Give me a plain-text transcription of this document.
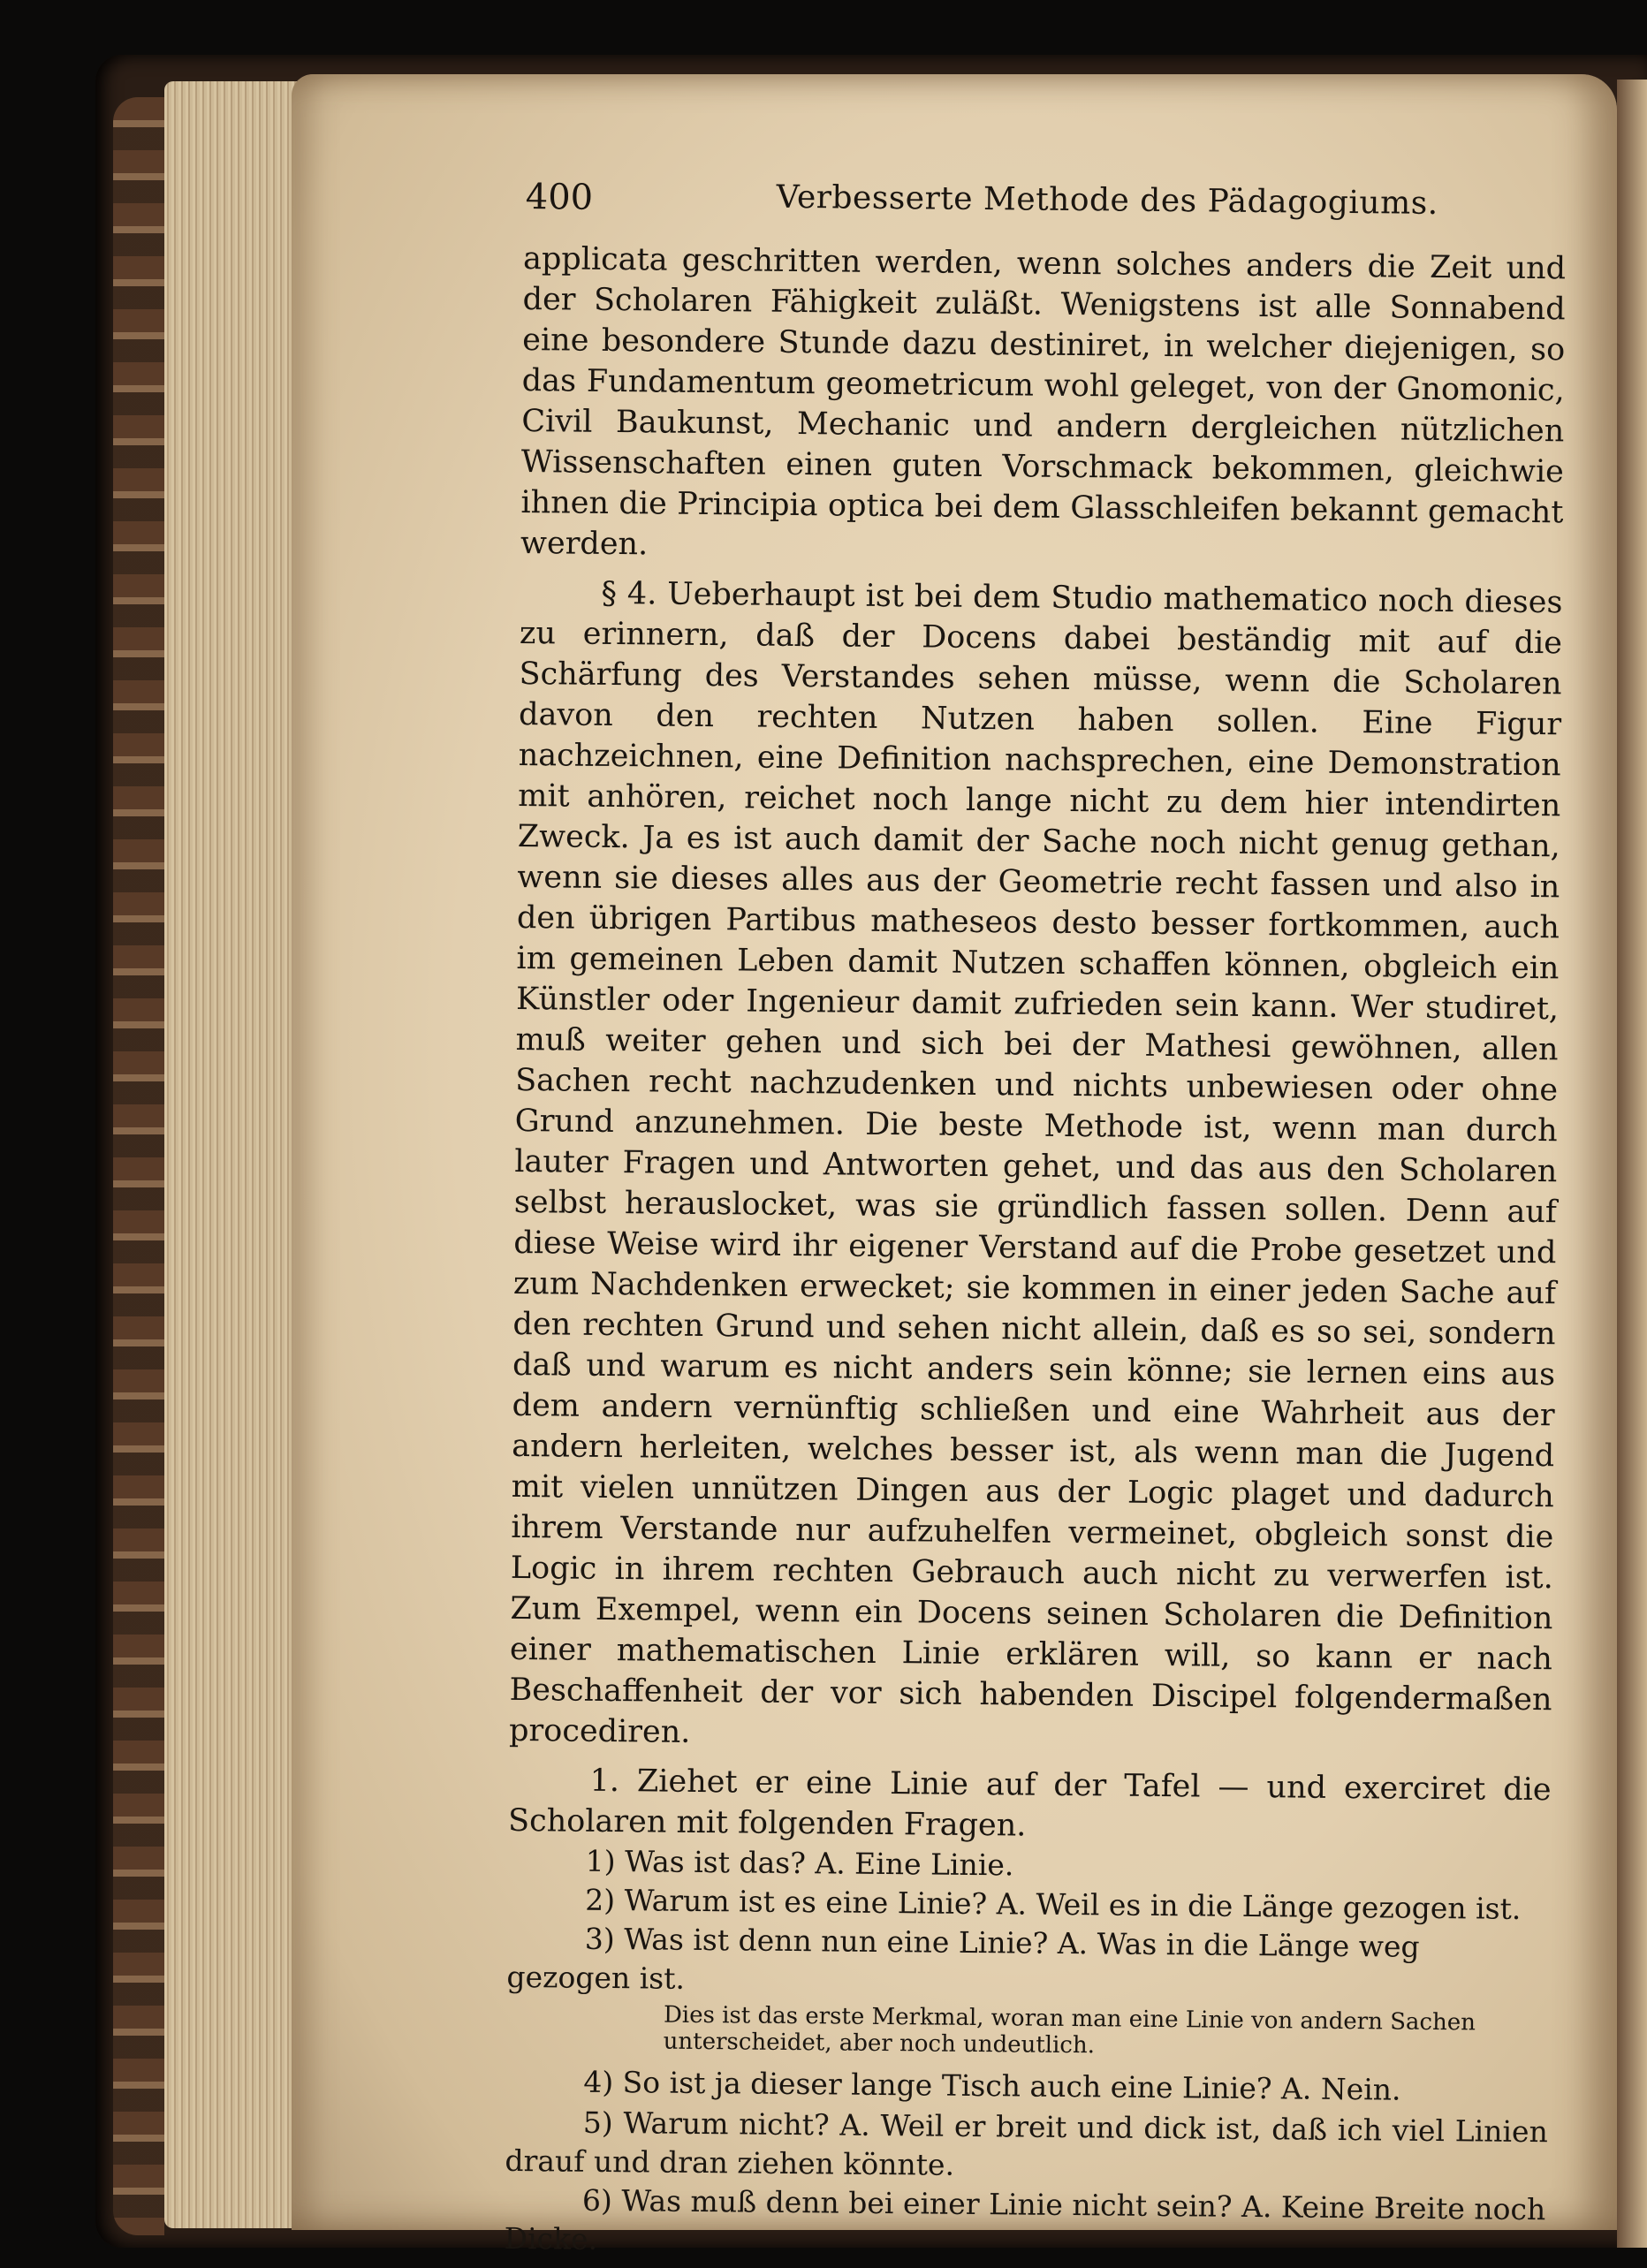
400	Verbesserte Methode des Pädagogiums.

applicata geschritten werden, wenn solches anders die Zeit und der Scholaren Fähigkeit zuläßt. Wenigstens ist alle Sonnabend eine besondere Stunde dazu destiniret, in welcher diejenigen, so das Fundamentum geometricum wohl geleget, von der Gnomonic, Civil Baukunst, Mechanic und andern dergleichen nützlichen Wissenschaften einen guten Vorschmack bekommen, gleichwie ihnen die Principia optica bei dem Glasschleifen bekannt gemacht werden.

§ 4. Ueberhaupt ist bei dem Studio mathematico noch dieses zu erinnern, daß der Docens dabei beständig mit auf die Schärfung des Verstandes sehen müsse, wenn die Scholaren davon den rechten Nutzen haben sollen. Eine Figur nachzeichnen, eine Definition nachsprechen, eine Demonstration mit anhören, reichet noch lange nicht zu dem hier intendirten Zweck. Ja es ist auch damit der Sache noch nicht genug gethan, wenn sie dieses alles aus der Geometrie recht fassen und also in den übrigen Partibus matheseos desto besser fortkommen, auch im gemeinen Leben damit Nutzen schaffen können, obgleich ein Künstler oder Ingenieur damit zufrieden sein kann. Wer studiret, muß weiter gehen und sich bei der Mathesi gewöhnen, allen Sachen recht nachzudenken und nichts unbewiesen oder ohne Grund anzunehmen. Die beste Methode ist, wenn man durch lauter Fragen und Antworten gehet, und das aus den Scholaren selbst herauslocket, was sie gründlich fassen sollen. Denn auf diese Weise wird ihr eigener Verstand auf die Probe gesetzet und zum Nachdenken erwecket; sie kommen in einer jeden Sache auf den rechten Grund und sehen nicht allein, daß es so sei, sondern daß und warum es nicht anders sein könne; sie lernen eins aus dem andern vernünftig schließen und eine Wahrheit aus der andern herleiten, welches besser ist, als wenn man die Jugend mit vielen unnützen Dingen aus der Logic plaget und dadurch ihrem Verstande nur aufzuhelfen vermeinet, obgleich sonst die Logic in ihrem rechten Gebrauch auch nicht zu verwerfen ist. Zum Exempel, wenn ein Docens seinen Scholaren die Definition einer mathematischen Linie erklären will, so kann er nach Beschaffenheit der vor sich habenden Discipel folgendermaßen procediren.

1. Ziehet er eine Linie auf der Tafel — und exerciret die Scholaren mit folgenden Fragen.

1) Was ist das? A. Eine Linie.

2) Warum ist es eine Linie? A. Weil es in die Länge gezogen ist.

3) Was ist denn nun eine Linie? A. Was in die Länge weg gezogen ist.

Dies ist das erste Merkmal, woran man eine Linie von andern Sachen unterscheidet, aber noch undeutlich.

4) So ist ja dieser lange Tisch auch eine Linie? A. Nein.

5) Warum nicht? A. Weil er breit und dick ist, daß ich viel Linien drauf und dran ziehen könnte.

6) Was muß denn bei einer Linie nicht sein? A. Keine Breite noch Dicke.
